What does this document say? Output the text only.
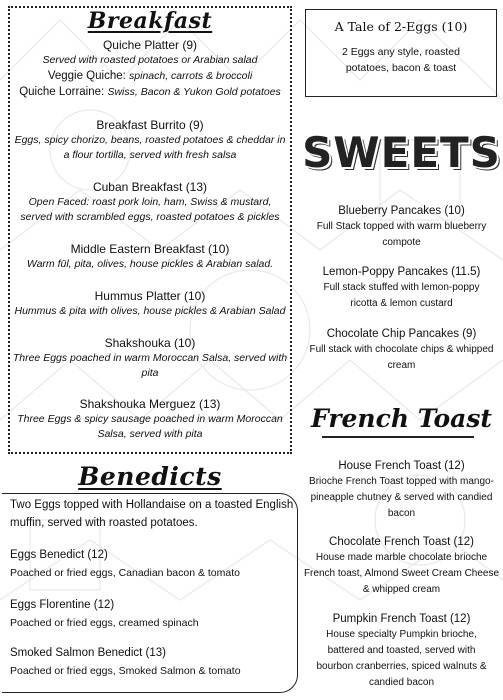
Breakfast
Quiche Platter (9)
Served with roasted potatoes or Arabian salad
Veggie Quiche: spinach, carrots & broccoli
Quiche Lorraine: Swiss, Bacon & Yukon Gold potatoes
Breakfast Burrito (9)
Eggs, spicy chorizo, beans, roasted potatoes & cheddar in
a flour tortilla, served with fresh salsa
Cuban Breakfast (13)
Open Faced: roast pork loin, ham, Swiss & mustard,
served with scrambled eggs, roasted potatoes & pickles
Middle Eastern Breakfast (10)
Warm fūl, pita, olives, house pickles & Arabian salad.
Hummus Platter (10)
Hummus & pita with olives, house pickles & Arabian Salad
Shakshouka (10)
Three Eggs poached in warm Moroccan Salsa, served with
pita
Shakshouka Merguez (13)
Three Eggs & spicy sausage poached in warm Moroccan
Salsa, served with pita
A Tale of 2-Eggs (10)
2 Eggs any style, roasted
potatoes, bacon & toast
SWEETS
Blueberry Pancakes (10)
Full Stack topped with warm blueberry
compote
Lemon-Poppy Pancakes (11.5)
Full stack stuffed with lemon-poppy
ricotta & lemon custard
Chocolate Chip Pancakes (9)
Full stack with chocolate chips & whipped
cream
French Toast
House French Toast (12)
Brioche French Toast topped with mango-
pineapple chutney & served with candied
bacon
Chocolate French Toast (12)
House made marble chocolate brioche
French toast, Almond Sweet Cream Cheese
& whipped cream
Pumpkin French Toast (12)
House specialty Pumpkin brioche,
battered and toasted, served with
bourbon cranberries, spiced walnuts &
candied bacon
Benedicts
Two Eggs topped with Hollandaise on a toasted English
muffin, served with roasted potatoes.
Eggs Benedict (12)
Poached or fried eggs, Canadian bacon & tomato
Eggs Florentine (12)
Poached or fried eggs, creamed spinach
Smoked Salmon Benedict (13)
Poached or fried eggs, Smoked Salmon & tomato
